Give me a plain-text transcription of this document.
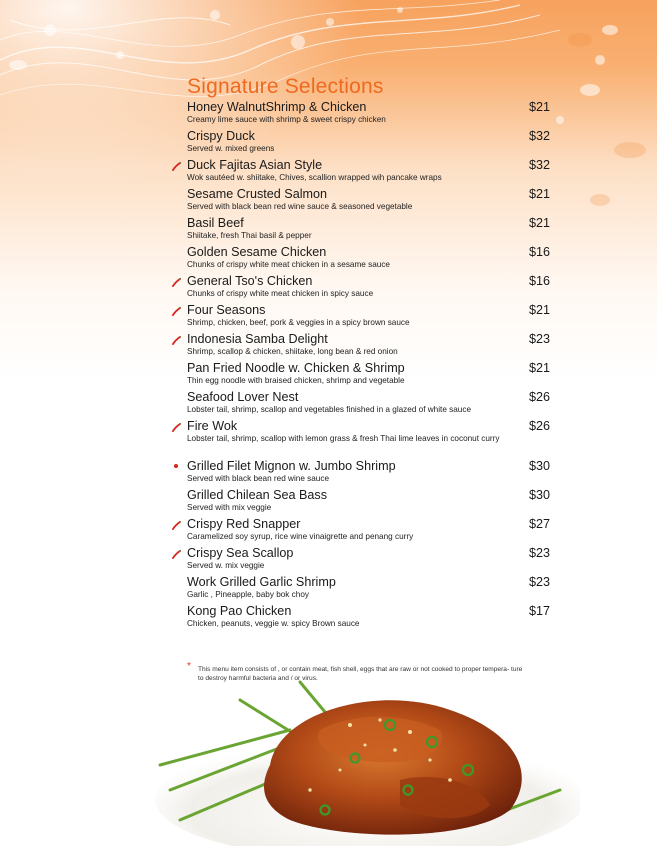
Signature Selections
Honey WalnutShrimp & Chicken
Creamy lime sauce with shrimp & sweet crispy chicken
$21
Crispy Duck
Served w. mixed greens
$32
Duck Fajitas Asian Style
Wok sautéed w. shiitake, Chives, scallion wrapped wih pancake wraps
$32
Sesame Crusted Salmon
Served with black bean red wine sauce & seasoned vegetable
$21
Basil Beef
Shiitake, fresh Thai basil & pepper
$21
Golden Sesame Chicken
Chunks of crispy white meat chicken in a sesame sauce
$16
General Tso's Chicken
Chunks of crispy white meat chicken in spicy sauce
$16
Four Seasons
Shrimp, chicken, beef, pork & veggies in a spicy brown sauce
$21
Indonesia Samba Delight
Shrimp, scallop & chicken, shiitake, long bean & red onion
$23
Pan Fried Noodle w. Chicken & Shrimp
Thin egg noodle with braised chicken, shrimp and vegetable
$21
Seafood Lover Nest
Lobster tail, shrimp, scallop and vegetables finished in a glazed of white sauce
$26
Fire Wok
Lobster tail, shrimp, scallop with lemon grass & fresh Thai lime leaves in coconut curry
$26
Grilled Filet Mignon w. Jumbo Shrimp
Served with black bean red wine sauce
$30
Grilled Chilean Sea Bass
Served with mix veggie
$30
Crispy Red Snapper
Caramelized soy syrup, rice wine vinaigrette and penang curry
$27
Crispy Sea Scallop
Served w. mix veggie
$23
Work Grilled Garlic Shrimp
Garlic , Pineapple, baby bok choy
$23
Kong Pao Chicken
Chicken, peanuts, veggie w. spicy Brown sauce
$17
* This menu item consists of , or contain meat, fish shell, eggs that are raw or not cooked to proper tempera- ture to destroy harmful bacteria and / or virus.
